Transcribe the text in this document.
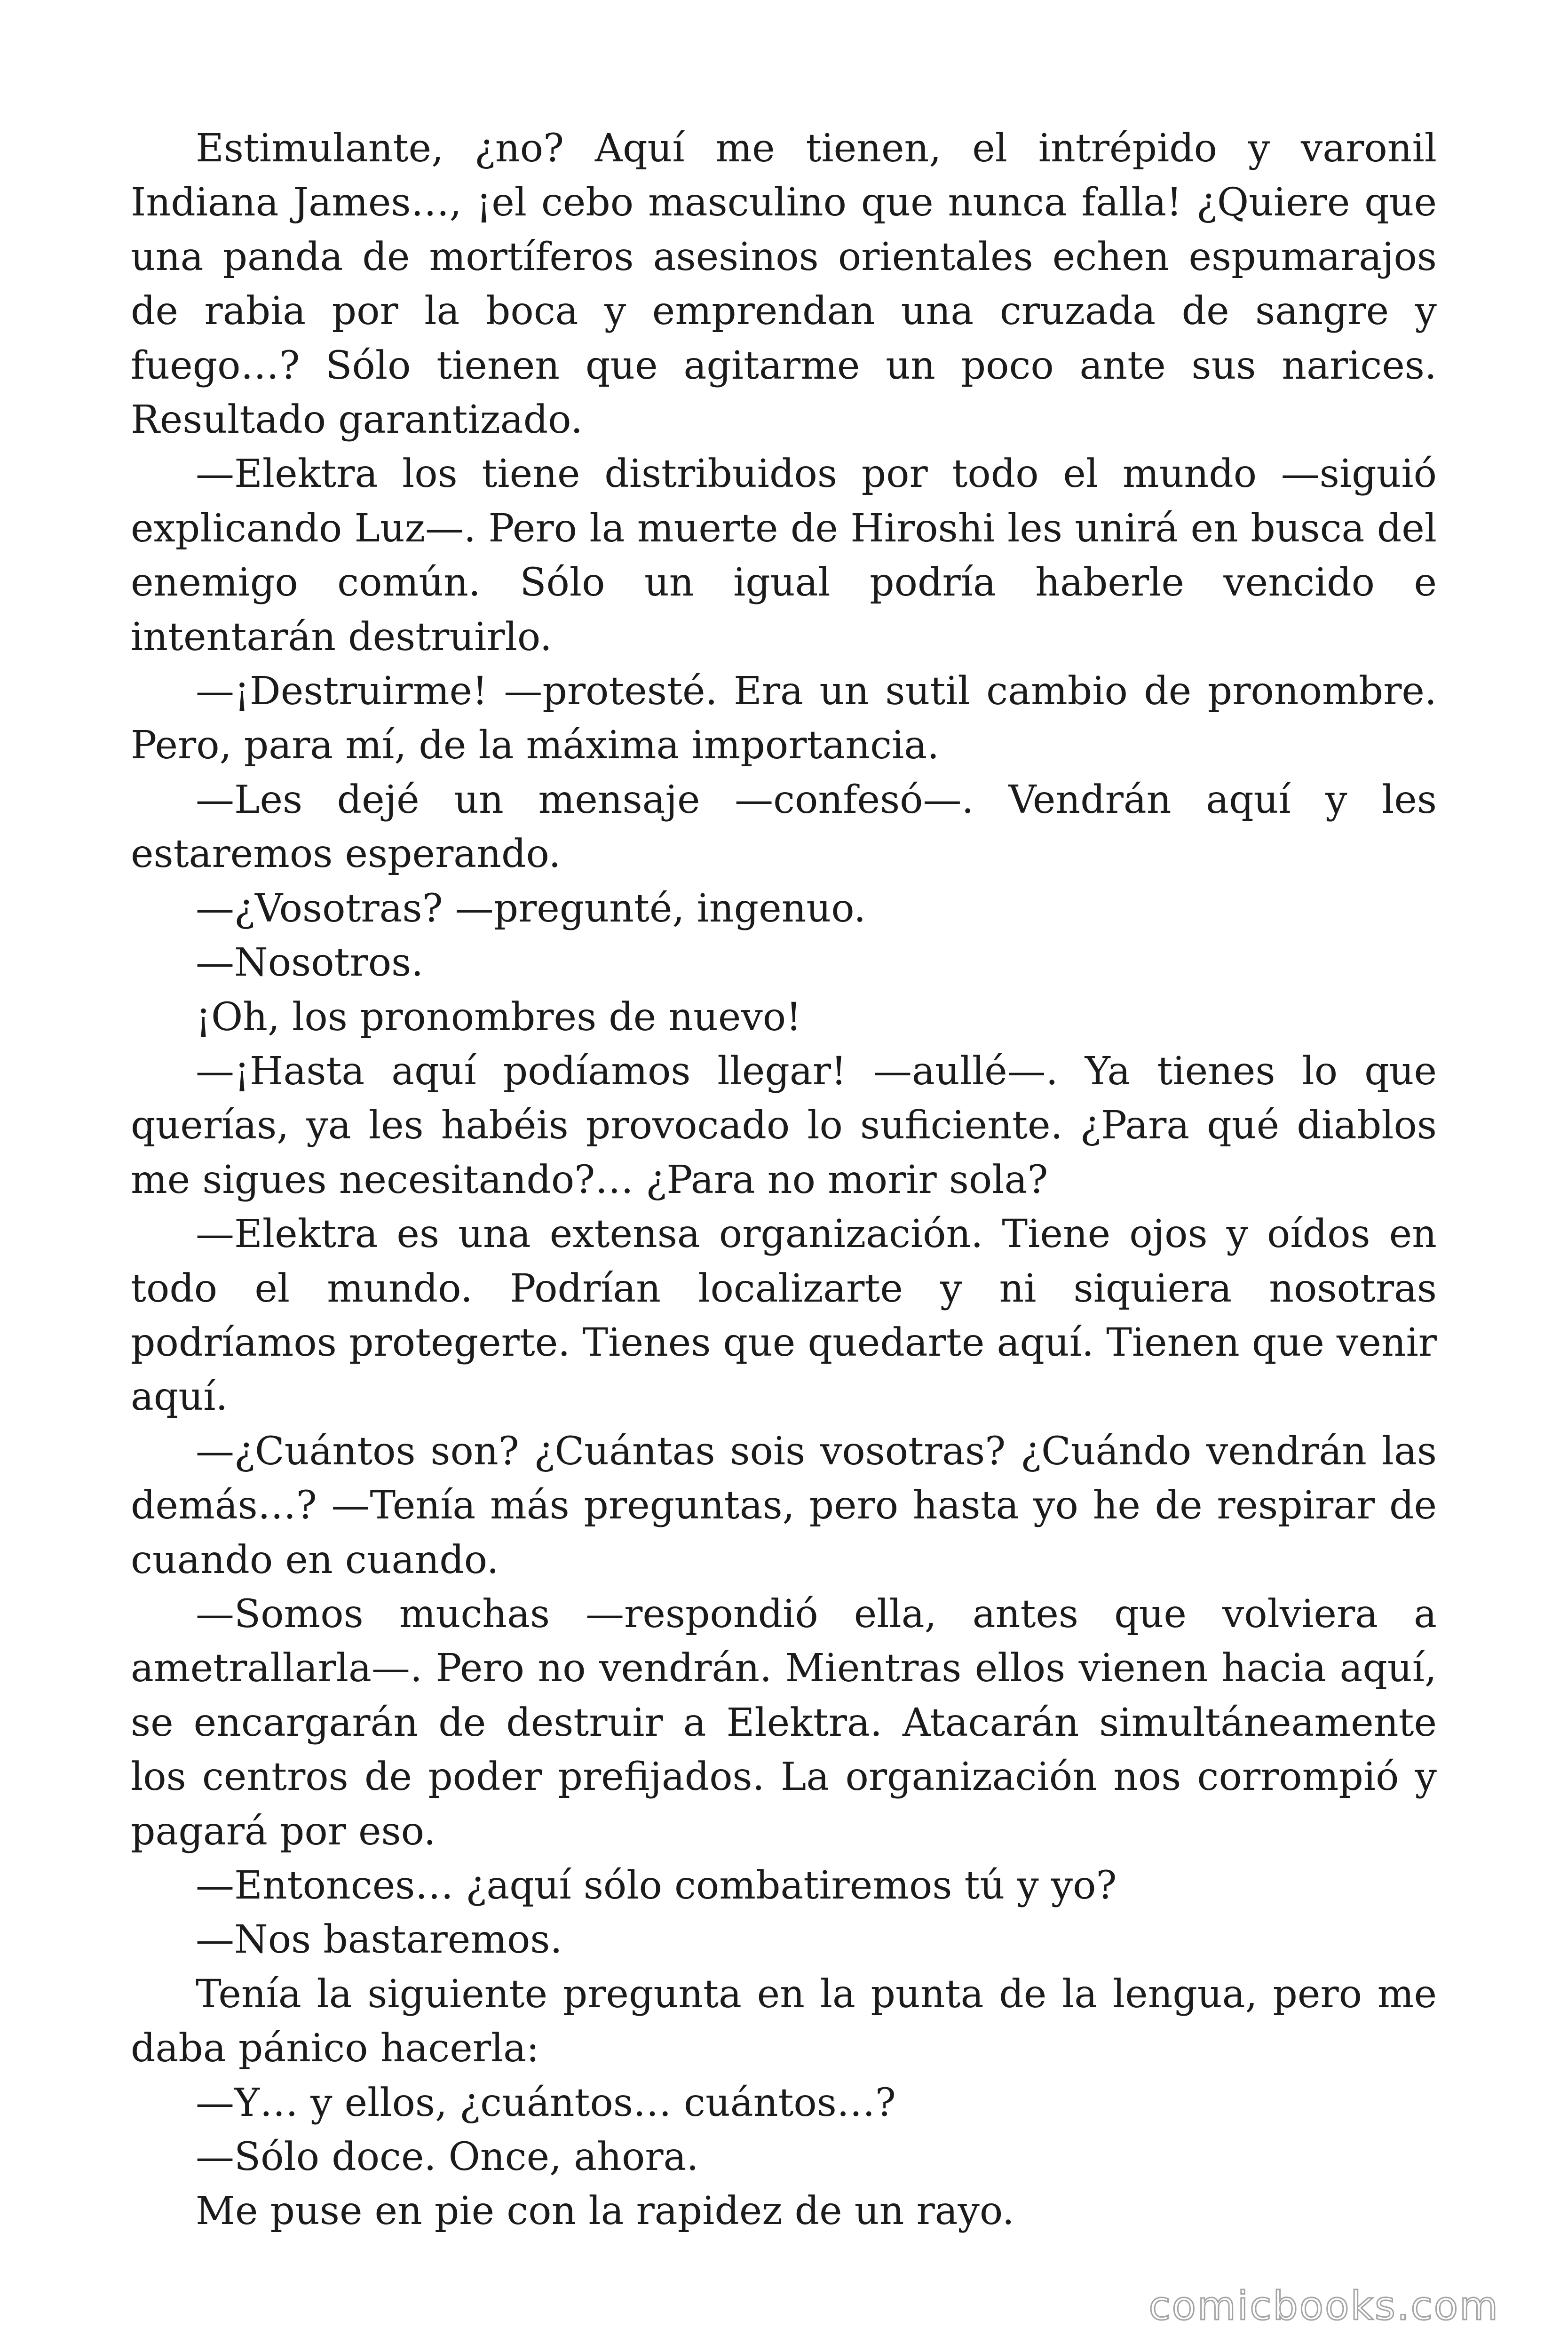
Estimulante, ¿no? Aquí me tienen, el intrépido y varonil Indiana James…, ¡el cebo masculino que nunca falla! ¿Quiere que una panda de mortíferos asesinos orientales echen espumarajos de rabia por la boca y emprendan una cruzada de sangre y fuego…? Sólo tienen que agitarme un poco ante sus narices. Resultado garantizado.

—Elektra los tiene distribuidos por todo el mundo —siguió explicando Luz—. Pero la muerte de Hiroshi les unirá en busca del enemigo común. Sólo un igual podría haberle vencido e intentarán destruirlo.

—¡Destruirme! —protesté. Era un sutil cambio de pronombre. Pero, para mí, de la máxima importancia.

—Les dejé un mensaje —confesó—. Vendrán aquí y les estaremos esperando.

—¿Vosotras? —pregunté, ingenuo.

—Nosotros.

¡Oh, los pronombres de nuevo!

—¡Hasta aquí podíamos llegar! —aullé—. Ya tienes lo que querías, ya les habéis provocado lo suficiente. ¿Para qué diablos me sigues necesitando?… ¿Para no morir sola?

—Elektra es una extensa organización. Tiene ojos y oídos en todo el mundo. Podrían localizarte y ni siquiera nosotras podríamos protegerte. Tienes que quedarte aquí. Tienen que venir aquí.

—¿Cuántos son? ¿Cuántas sois vosotras? ¿Cuándo vendrán las demás…? —Tenía más preguntas, pero hasta yo he de respirar de cuando en cuando.

—Somos muchas —respondió ella, antes que volviera a ametrallarla—. Pero no vendrán. Mientras ellos vienen hacia aquí, se encargarán de destruir a Elektra. Atacarán simultáneamente los centros de poder prefijados. La organización nos corrompió y pagará por eso.

—Entonces… ¿aquí sólo combatiremos tú y yo?

—Nos bastaremos.

Tenía la siguiente pregunta en la punta de la lengua, pero me daba pánico hacerla:

—Y… y ellos, ¿cuántos… cuántos…?

—Sólo doce. Once, ahora.

Me puse en pie con la rapidez de un rayo.

comicbooks.com
